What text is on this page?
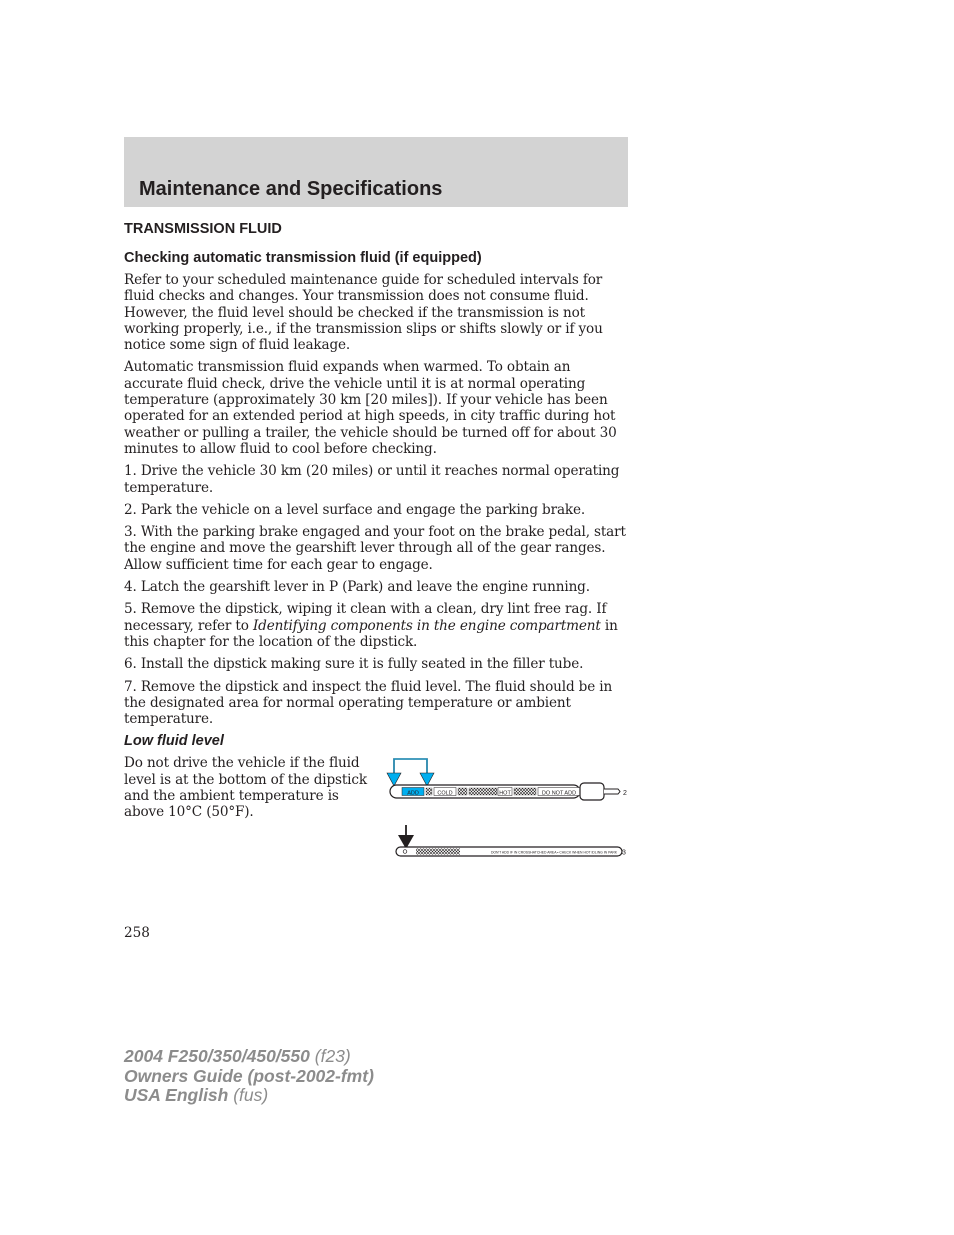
Maintenance and Specifications
TRANSMISSION FLUID
Checking automatic transmission fluid (if equipped)

Refer to your scheduled maintenance guide for scheduled intervals for fluid checks and changes. Your transmission does not consume fluid. However, the fluid level should be checked if the transmission is not working properly, i.e., if the transmission slips or shifts slowly or if you notice some sign of fluid leakage.

Automatic transmission fluid expands when warmed. To obtain an accurate fluid check, drive the vehicle until it is at normal operating temperature (approximately 30 km [20 miles]). If your vehicle has been operated for an extended period at high speeds, in city traffic during hot weather or pulling a trailer, the vehicle should be turned off for about 30 minutes to allow fluid to cool before checking.

1. Drive the vehicle 30 km (20 miles) or until it reaches normal operating temperature.

2. Park the vehicle on a level surface and engage the parking brake.

3. With the parking brake engaged and your foot on the brake pedal, start the engine and move the gearshift lever through all of the gear ranges. Allow sufficient time for each gear to engage.

4. Latch the gearshift lever in P (Park) and leave the engine running.

5. Remove the dipstick, wiping it clean with a clean, dry lint free rag. If necessary, refer to Identifying components in the engine compartment in this chapter for the location of the dipstick.

6. Install the dipstick making sure it is fully seated in the filler tube.

7. Remove the dipstick and inspect the fluid level. The fluid should be in the designated area for normal operating temperature or ambient temperature.

Low fluid level

Do not drive the vehicle if the fluid level is at the bottom of the dipstick and the ambient temperature is above 10°C (50°F).

ADD	COLD	HOT	DO NOT ADD	2
DON'T ADD IF IN CROSSHATCHED AREA • CHECK WHEN HOT IDLING IN PARK 3

258

2004 F250/350/450/550 (f23)
Owners Guide (post-2002-fmt)
USA English (fus)
